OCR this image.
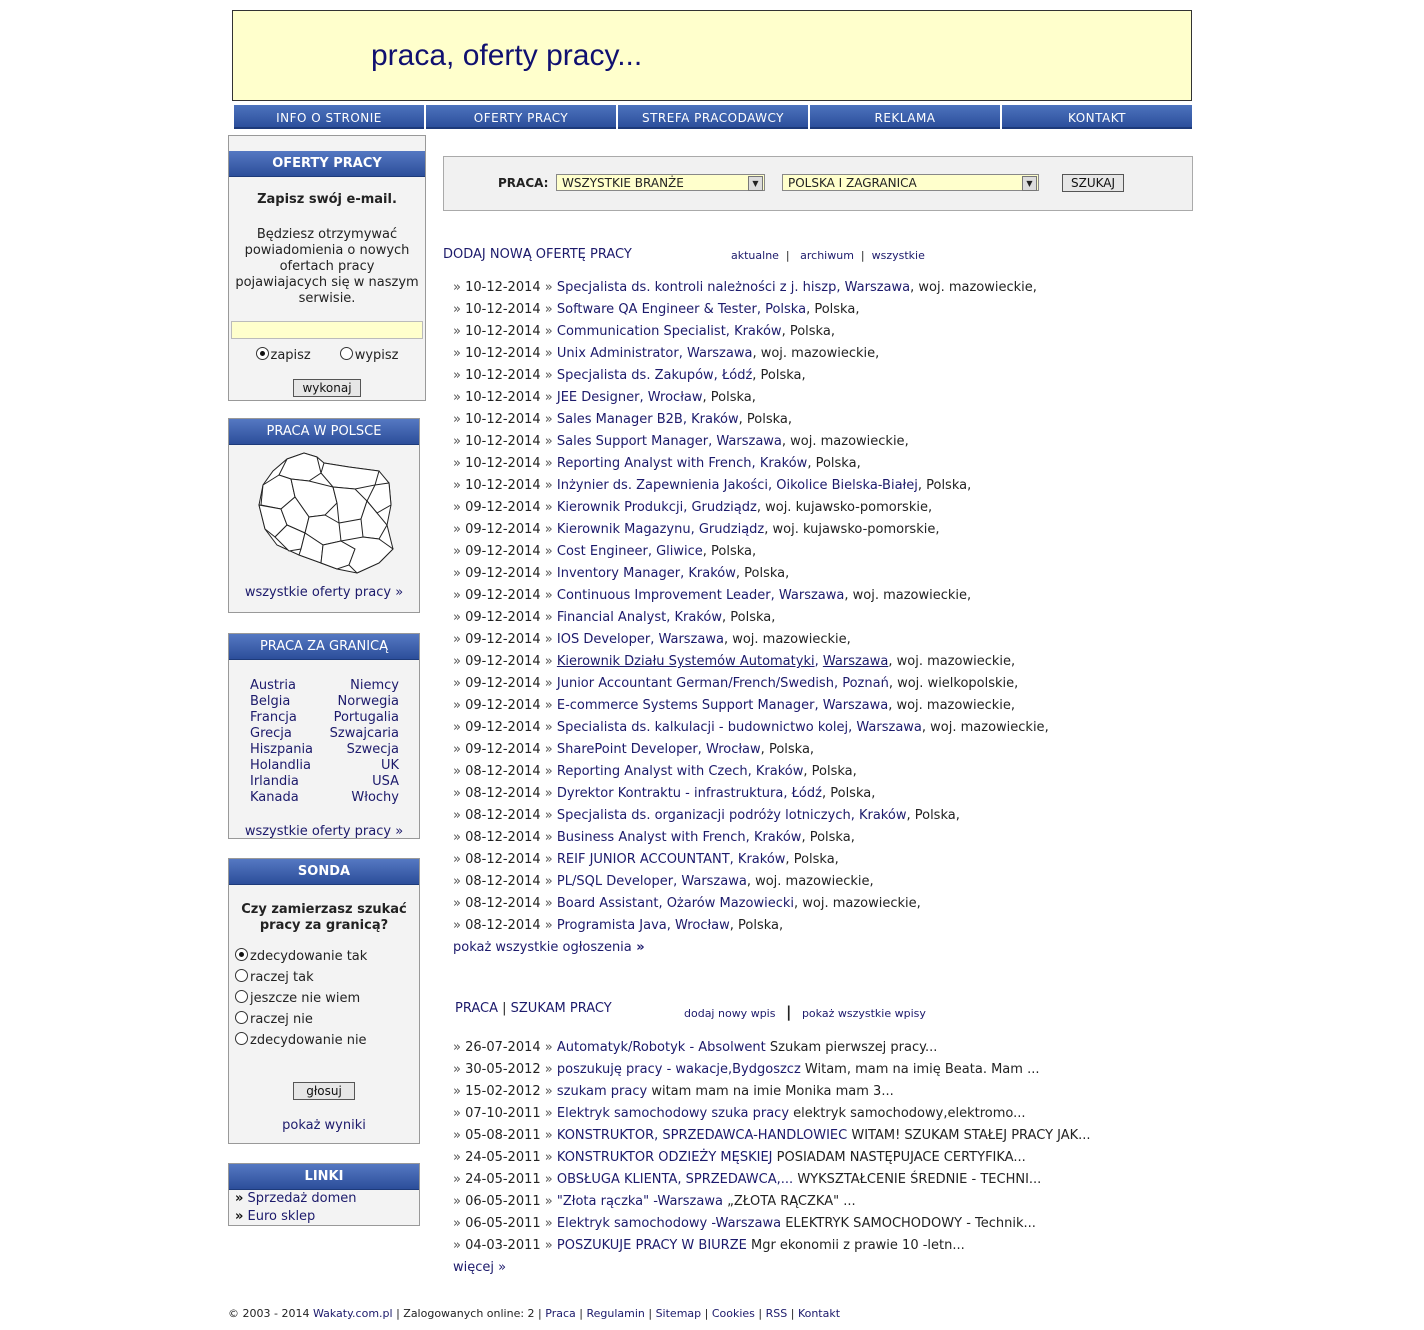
praca, oferty pracy...
INFO O STRONIE	OFERTY PRACY	STREFA PRACODAWCY	REKLAMA	KONTAKT
OFERTY PRACY
Zapisz swój e-mail.
Będziesz otrzymywać powiadomienia o nowych ofertach pracy pojawiajacych się w naszym serwisie.
zapisz	wypisz
wykonaj
PRACA W POLSCE
wszystkie oferty pracy »
PRACA ZA GRANICĄ
Austria	Niemcy
Belgia	Norwegia
Francja	Portugalia
Grecja	Szwajcaria
Hiszpania	Szwecja
Holandlia	UK
Irlandia	USA
Kanada	Włochy
wszystkie oferty pracy »
SONDA
Czy zamierzasz szukać pracy za granicą?
zdecydowanie tak
raczej tak
jeszcze nie wiem
raczej nie
zdecydowanie nie
głosuj
pokaż wyniki
LINKI
» Sprzedaż domen
» Euro sklep
PRACA:	WSZYSTKIE BRANŻE	▼	POLSKA I ZAGRANICA	▼	SZUKAJ
DODAJ NOWĄ OFERTĘ PRACY	aktualne  |   archiwum  |  wszystkie
» 10-12-2014 » Specjalista ds. kontroli należności z j. hiszp, Warszawa, woj. mazowieckie,
» 10-12-2014 » Software QA Engineer & Tester, Polska, Polska,
» 10-12-2014 » Communication Specialist, Kraków, Polska,
» 10-12-2014 » Unix Administrator, Warszawa, woj. mazowieckie,
» 10-12-2014 » Specjalista ds. Zakupów, Łódź, Polska,
» 10-12-2014 » JEE Designer, Wrocław, Polska,
» 10-12-2014 » Sales Manager B2B, Kraków, Polska,
» 10-12-2014 » Sales Support Manager, Warszawa, woj. mazowieckie,
» 10-12-2014 » Reporting Analyst with French, Kraków, Polska,
» 10-12-2014 » Inżynier ds. Zapewnienia Jakości, Oikolice Bielska-Białej, Polska,
» 09-12-2014 » Kierownik Produkcji, Grudziądz, woj. kujawsko-pomorskie,
» 09-12-2014 » Kierownik Magazynu, Grudziądz, woj. kujawsko-pomorskie,
» 09-12-2014 » Cost Engineer, Gliwice, Polska,
» 09-12-2014 » Inventory Manager, Kraków, Polska,
» 09-12-2014 » Continuous Improvement Leader, Warszawa, woj. mazowieckie,
» 09-12-2014 » Financial Analyst, Kraków, Polska,
» 09-12-2014 » IOS Developer, Warszawa, woj. mazowieckie,
» 09-12-2014 » Kierownik Działu Systemów Automatyki, Warszawa, woj. mazowieckie,
» 09-12-2014 » Junior Accountant German/French/Swedish, Poznań, woj. wielkopolskie,
» 09-12-2014 » E-commerce Systems Support Manager, Warszawa, woj. mazowieckie,
» 09-12-2014 » Specialista ds. kalkulacji - budownictwo kolej, Warszawa, woj. mazowieckie,
» 09-12-2014 » SharePoint Developer, Wrocław, Polska,
» 08-12-2014 » Reporting Analyst with Czech, Kraków, Polska,
» 08-12-2014 » Dyrektor Kontraktu - infrastruktura, Łódź, Polska,
» 08-12-2014 » Specjalista ds. organizacji podróży lotniczych, Kraków, Polska,
» 08-12-2014 » Business Analyst with French, Kraków, Polska,
» 08-12-2014 » REIF JUNIOR ACCOUNTANT, Kraków, Polska,
» 08-12-2014 » PL/SQL Developer, Warszawa, woj. mazowieckie,
» 08-12-2014 » Board Assistant, Ożarów Mazowiecki, woj. mazowieckie,
» 08-12-2014 » Programista Java, Wrocław, Polska,
pokaż wszystkie ogłoszenia »
PRACA | SZUKAM PRACY	dodaj nowy wpis | pokaż wszystkie wpisy
» 26-07-2014 » Automatyk/Robotyk - Absolwent Szukam pierwszej pracy...
» 30-05-2012 » poszukuję pracy - wakacje,Bydgoszcz Witam, mam na imię Beata. Mam ...
» 15-02-2012 » szukam pracy witam mam na imie Monika mam 3...
» 07-10-2011 » Elektryk samochodowy szuka pracy elektryk samochodowy,elektromo...
» 05-08-2011 » KONSTRUKTOR, SPRZEDAWCA-HANDLOWIEC WITAM! SZUKAM STAŁEJ PRACY JAK...
» 24-05-2011 » KONSTRUKTOR ODZIEŻY MĘSKIEJ POSIADAM NASTĘPUJACE CERTYFIKA...
» 24-05-2011 » OBSŁUGA KLIENTA, SPRZEDAWCA,... WYKSZTAŁCENIE ŚREDNIE - TECHNI...
» 06-05-2011 » "Złota rączka" -Warszawa „ZŁOTA RĄCZKA" ...
» 06-05-2011 » Elektryk samochodowy -Warszawa ELEKTRYK SAMOCHODOWY - Technik...
» 04-03-2011 » POSZUKUJE PRACY W BIURZE Mgr ekonomii z prawie 10 -letn...
więcej »
© 2003 - 2014 Wakaty.com.pl | Zalogowanych online: 2 | Praca | Regulamin | Sitemap | Cookies | RSS | Kontakt
